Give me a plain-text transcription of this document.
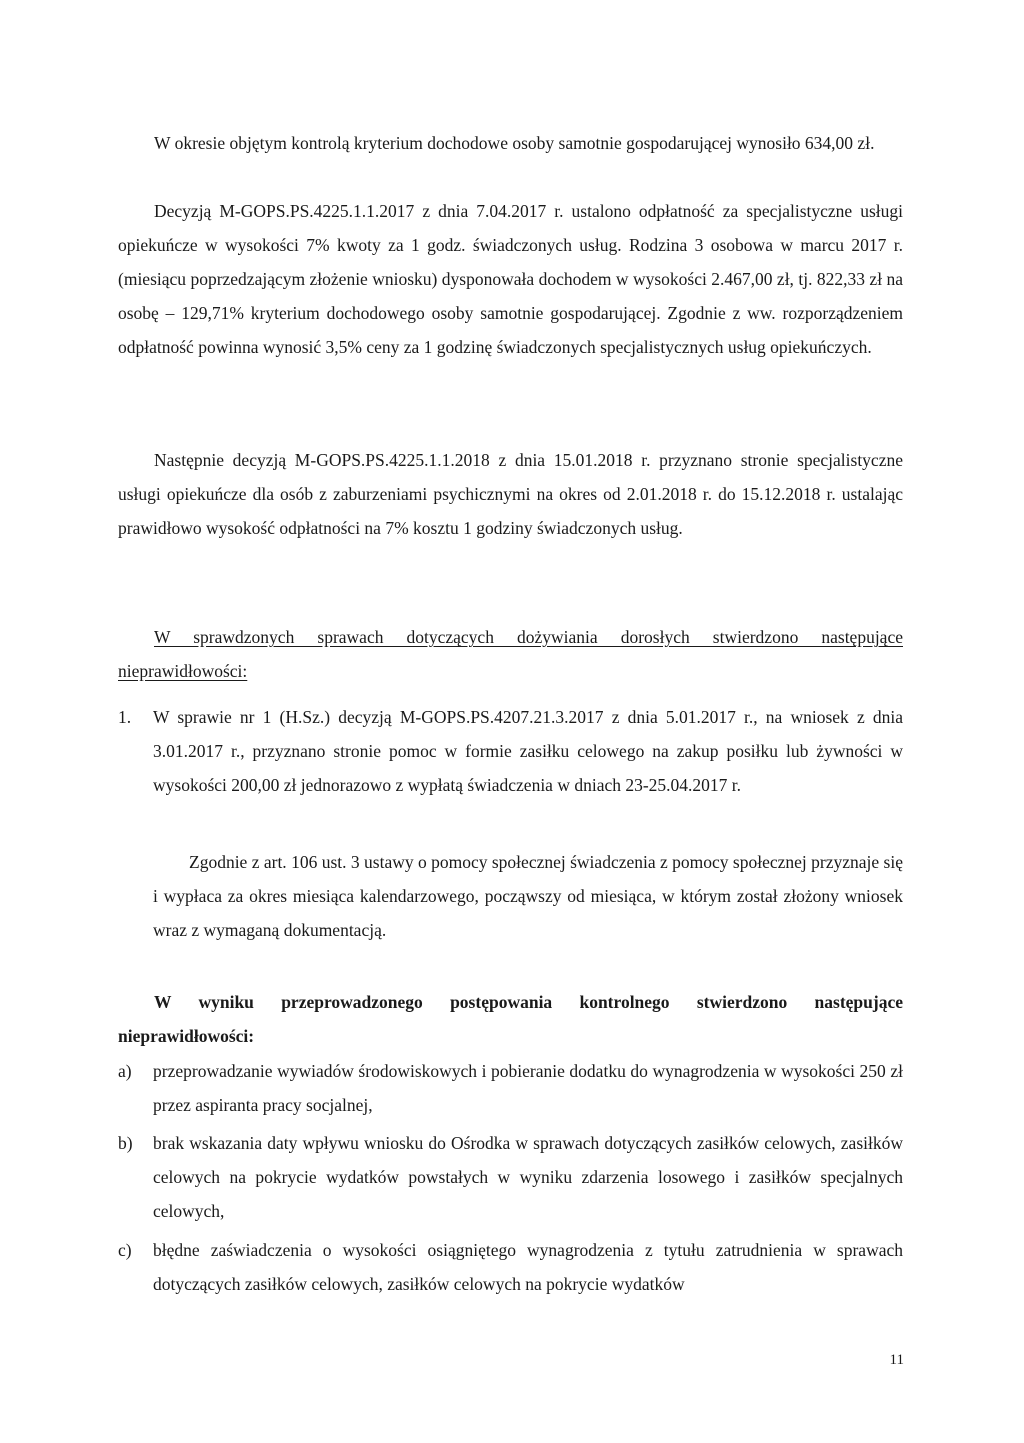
W okresie objętym kontrolą kryterium dochodowe osoby samotnie gospodarującej wynosiło 634,00 zł.

Decyzją M-GOPS.PS.4225.1.1.2017 z dnia 7.04.2017 r. ustalono odpłatność za specjalistyczne usługi opiekuńcze w wysokości 7% kwoty za 1 godz. świadczonych usług. Rodzina 3 osobowa w marcu 2017 r. (miesiącu poprzedzającym złożenie wniosku) dysponowała dochodem w wysokości 2.467,00 zł, tj. 822,33 zł na osobę – 129,71% kryterium dochodowego osoby samotnie gospodarującej. Zgodnie z ww. rozporządzeniem odpłatność powinna wynosić 3,5% ceny za 1 godzinę świadczonych specjalistycznych usług opiekuńczych.

Następnie decyzją M-GOPS.PS.4225.1.1.2018 z dnia 15.01.2018 r. przyznano stronie specjalistyczne usługi opiekuńcze dla osób z zaburzeniami psychicznymi na okres od 2.01.2018 r. do 15.12.2018 r. ustalając prawidłowo wysokość odpłatności na 7% kosztu 1 godziny świadczonych usług.

W sprawdzonych sprawach dotyczących dożywiania dorosłych stwierdzono następujące nieprawidłowości:

1. W sprawie nr 1 (H.Sz.) decyzją M-GOPS.PS.4207.21.3.2017 z dnia 5.01.2017 r., na wniosek z dnia 3.01.2017 r., przyznano stronie pomoc w formie zasiłku celowego na zakup posiłku lub żywności w wysokości 200,00 zł jednorazowo z wypłatą świadczenia w dniach 23-25.04.2017 r.

Zgodnie z art. 106 ust. 3 ustawy o pomocy społecznej świadczenia z pomocy społecznej przyznaje się i wypłaca za okres miesiąca kalendarzowego, począwszy od miesiąca, w którym został złożony wniosek wraz z wymaganą dokumentacją.

W wyniku przeprowadzonego postępowania kontrolnego stwierdzono następujące nieprawidłowości:

a) przeprowadzanie wywiadów środowiskowych i pobieranie dodatku do wynagrodzenia w wysokości 250 zł przez aspiranta pracy socjalnej,
b) brak wskazania daty wpływu wniosku do Ośrodka w sprawach dotyczących zasiłków celowych, zasiłków celowych na pokrycie wydatków powstałych w wyniku zdarzenia losowego i zasiłków specjalnych celowych,
c) błędne zaświadczenia o wysokości osiągniętego wynagrodzenia z tytułu zatrudnienia w sprawach dotyczących zasiłków celowych, zasiłków celowych na pokrycie wydatków
11
